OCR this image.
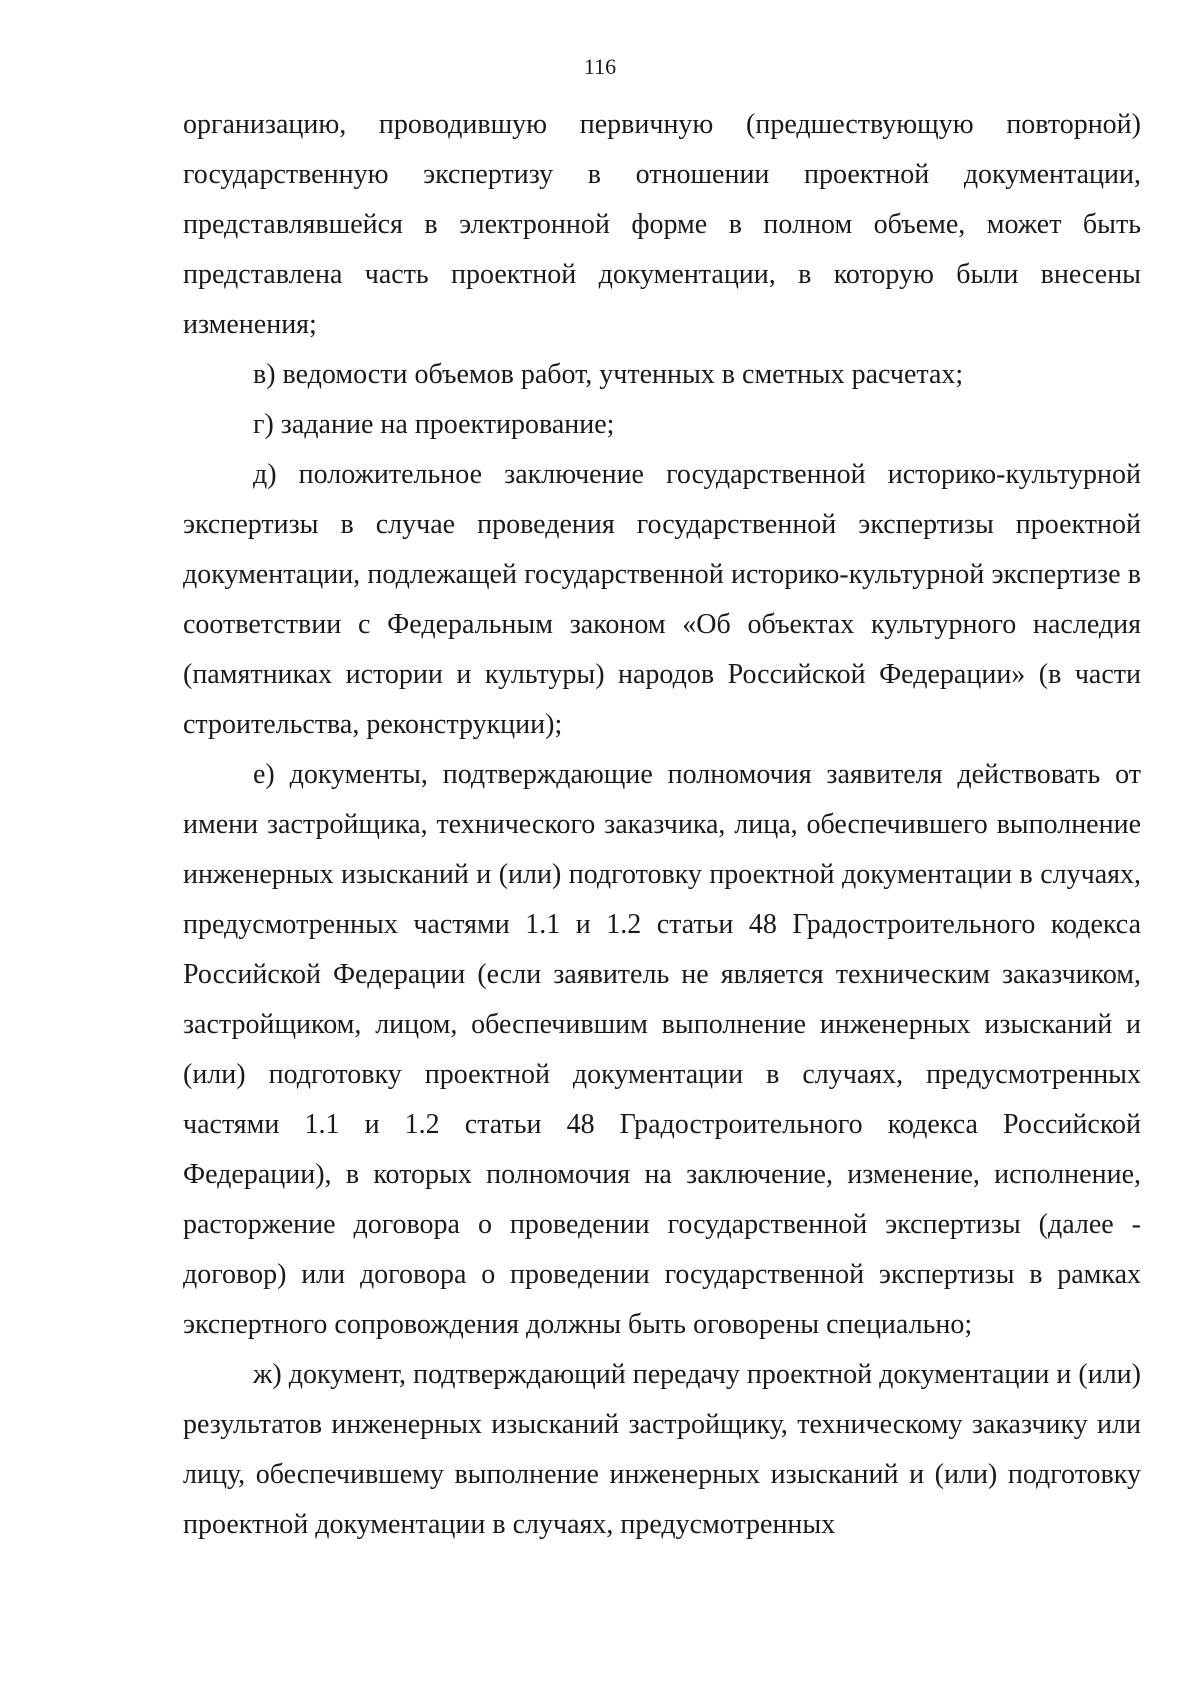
116

организацию, проводившую первичную (предшествующую повторной) государственную экспертизу в отношении проектной документации, представлявшейся в электронной форме в полном объеме, может быть представлена часть проектной документации, в которую были внесены изменения;

в) ведомости объемов работ, учтенных в сметных расчетах;

г) задание на проектирование;

д) положительное заключение государственной историко-культурной экспертизы в случае проведения государственной экспертизы проектной документации, подлежащей государственной историко-культурной экспертизе в соответствии с Федеральным законом «Об объектах культурного наследия (памятниках истории и культуры) народов Российской Федерации» (в части строительства, реконструкции);

е) документы, подтверждающие полномочия заявителя действовать от имени застройщика, технического заказчика, лица, обеспечившего выполнение инженерных изысканий и (или) подготовку проектной документации в случаях, предусмотренных частями 1.1 и 1.2 статьи 48 Градостроительного кодекса Российской Федерации (если заявитель не является техническим заказчиком, застройщиком, лицом, обеспечившим выполнение инженерных изысканий и (или) подготовку проектной документации в случаях, предусмотренных частями 1.1 и 1.2 статьи 48 Градостроительного кодекса Российской Федерации), в которых полномочия на заключение, изменение, исполнение, расторжение договора о проведении государственной экспертизы (далее - договор) или договора о проведении государственной экспертизы в рамках экспертного сопровождения должны быть оговорены специально;

ж) документ, подтверждающий передачу проектной документации и (или) результатов инженерных изысканий застройщику, техническому заказчику или лицу, обеспечившему выполнение инженерных изысканий и (или) подготовку проектной документации в случаях, предусмотренных
